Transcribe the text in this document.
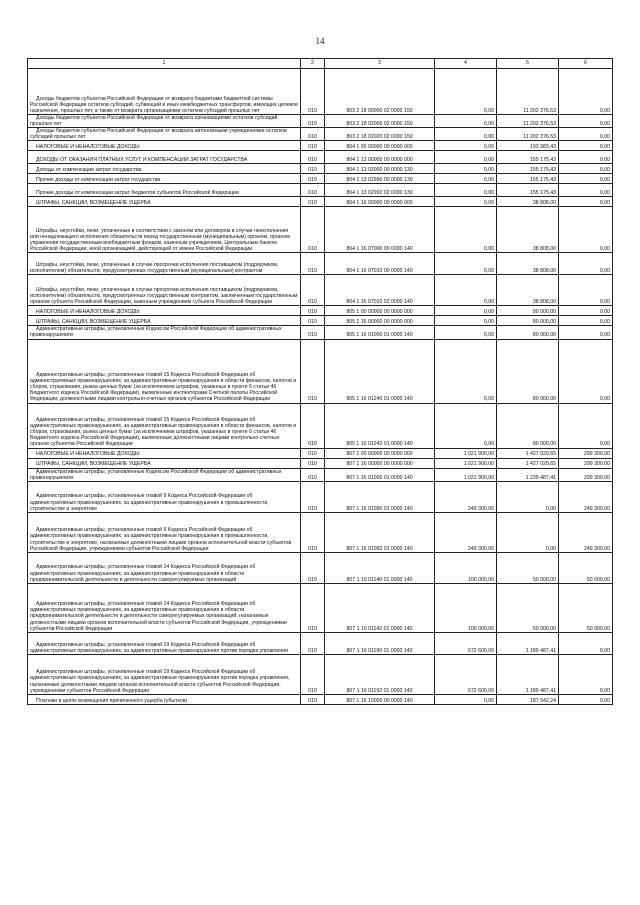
14
1	2	3	4	5	6
Доходы бюджетов субъектов Российской Федерации от возврата бюджетами бюджетной системы Российской Федерации остатков субсидий, субвенций и иных межбюджетных трансфертов, имеющих целевое назначение, прошлых лет, а также от возврата организациями остатков субсидий прошлых лет	010	803 2 18 00000 02 0000 150	0,00	11 202 376,53	0,00
Доходы бюджетов субъектов Российской Федерации от возврата организациями остатков субсидий прошлых лет	010	803 2 18 02000 02 0000 150	0,00	11 202 376,53	0,00
Доходы бюджетов субъектов Российской Федерации от возврата автономными учреждениями остатков субсидий прошлых лет	010	803 2 18 02020 02 0000 150	0,00	11 202 376,53	0,00
НАЛОГОВЫЕ И НЕНАЛОГОВЫЕ ДОХОДЫ	010	804 1 00 00000 00 0000 000	0,00	193 983,43	0,00
ДОХОДЫ ОТ ОКАЗАНИЯ ПЛАТНЫХ УСЛУГ И КОМПЕНСАЦИИ ЗАТРАТ ГОСУДАРСТВА	010	804 1 13 00000 00 0000 000	0,00	155 175,43	0,00
Доходы от компенсации затрат государства	010	804 1 13 02000 00 0000 130	0,00	155 175,43	0,00
Прочие доходы от компенсации затрат государства	010	804 1 13 02990 00 0000 130	0,00	155 175,43	0,00
Прочие доходы от компенсации затрат бюджетов субъектов Российской Федерации	010	804 1 13 02992 02 0000 130	0,00	155 175,43	0,00
ШТРАФЫ, САНКЦИИ, ВОЗМЕЩЕНИЕ УЩЕРБА	010	804 1 16 00000 00 0000 000	0,00	38 808,00	0,00
Штрафы, неустойки, пени, уплаченные в соответствии с законом или договором в случае неисполнения или ненадлежащего исполнения обязательств перед государственным (муниципальным) органом, органом управления государственным внебюджетным фондом, казенным учреждением, Центральным банком Российской Федерации, иной организацией, действующей от имени Российской Федерации	010	804 1 16 07000 00 0000 140	0,00	38 808,00	0,00
Штрафы, неустойки, пени, уплаченные в случае просрочки исполнения поставщиком (подрядчиком, исполнителем) обязательств, предусмотренных государственным (муниципальным) контрактом	010	804 1 16 07010 00 0000 140	0,00	38 808,00	0,00
Штрафы, неустойки, пени, уплаченные в случае просрочки исполнения поставщиком (подрядчиком, исполнителем) обязательств, предусмотренных государственным контрактом, заключенным государственным органом субъекта Российской Федерации, казенным учреждением субъекта Российской Федерации	010	804 1 16 07010 02 0000 140	0,00	38 808,00	0,00
НАЛОГОВЫЕ И НЕНАЛОГОВЫЕ ДОХОДЫ	010	805 1 00 00000 00 0000 000	0,00	80 000,00	0,00
ШТРАФЫ, САНКЦИИ, ВОЗМЕЩЕНИЕ УЩЕРБА	010	805 1 16 00000 00 0000 000	0,00	80 000,00	0,00
Административные штрафы, установленные Кодексом Российской Федерации об административных правонарушениях	010	805 1 16 01000 01 0000 140	0,00	80 000,00	0,00
Административные штрафы, установленные главой 15 Кодекса Российской Федерации об административных правонарушениях, за административные правонарушения в области финансов, налогов и сборов, страхования, рынка ценных бумаг (за исключением штрафов, указанных в пункте 6 статьи 46 Бюджетного кодекса Российской Федерации), выявленные инспекторами Счетной палаты Российской Федерации, должностными лицами контрольно-счетных органов субъектов Российской Федерации	010	805 1 16 01240 01 0000 140	0,00	80 000,00	0,00
Административные штрафы, установленные главой 15 Кодекса Российской Федерации об административных правонарушениях, за административные правонарушения в области финансов, налогов и сборов, страхования, рынка ценных бумаг (за исключением штрафов, указанных в пункте 6 статьи 46 Бюджетного кодекса Российской Федерации), выявленные должностными лицами контрольно-счетных органов субъектов Российской Федерации	010	805 1 16 01242 01 0000 140	0,00	80 000,00	0,00
НАЛОГОВЫЕ И НЕНАЛОГОВЫЕ ДОХОДЫ	010	807 1 00 00000 00 0000 000	1 021 900,00	1 427 029,65	299 300,00
ШТРАФЫ, САНКЦИИ, ВОЗМЕЩЕНИЕ УЩЕРБА	010	807 1 16 00000 00 0000 000	1 021 900,00	1 427 029,65	299 300,00
Административные штрафы, установленные Кодексом Российской Федерации об административных правонарушениях	010	807 1 16 01000 01 0000 140	1 021 900,00	1 239 487,41	299 300,00
Административные штрафы, установленные главой 9 Кодекса Российской Федерации об административных правонарушениях, за административные правонарушения в промышленности, строительстве и энергетике	010	807 1 16 01090 01 0000 140	249 300,00	0,00	249 300,00
Административные штрафы, установленные главой 9 Кодекса Российской Федерации об административных правонарушениях, за административные правонарушения в промышленности, строительстве и энергетике, налагаемые должностными лицами органов исполнительной власти субъектов Российской Федерации, учреждениями субъектов Российской Федерации	010	807 1 16 01092 01 0000 140	249 300,00	0,00	249 300,00
Административные штрафы, установленные главой 14 Кодекса Российской Федерации об административных правонарушениях, за административные правонарушения в области предпринимательской деятельности и деятельности саморегулируемых организаций	010	807 1 16 01140 01 0000 140	100 000,00	50 000,00	50 000,00
Административные штрафы, установленные главой 14 Кодекса Российской Федерации об административных правонарушениях, за административные правонарушения в области предпринимательской деятельности и деятельности саморегулируемых организаций, налагаемые должностными лицами органов исполнительной власти субъектов Российской Федерации, учреждениями субъектов Российской Федерации	010	807 1 16 01142 01 0000 140	100 000,00	50 000,00	50 000,00
Административные штрафы, установленные главой 19 Кодекса Российской Федерации об административных правонарушениях, за административные правонарушения против порядка управления	010	807 1 16 01190 01 0000 140	672 600,00	1 189 487,41	0,00
Административные штрафы, установленные главой 19 Кодекса Российской Федерации об административных правонарушениях, за административные правонарушения против порядка управления, налагаемые должностными лицами органов исполнительной власти субъектов Российской Федерации, учреждениями субъектов Российской Федерации	010	807 1 16 01192 01 0000 140	672 600,00	1 189 487,41	0,00
Платежи в целях возмещения причиненного ущерба (убытков)	010	807 1 16 10000 00 0000 140	0,00	187 542,24	0,00
